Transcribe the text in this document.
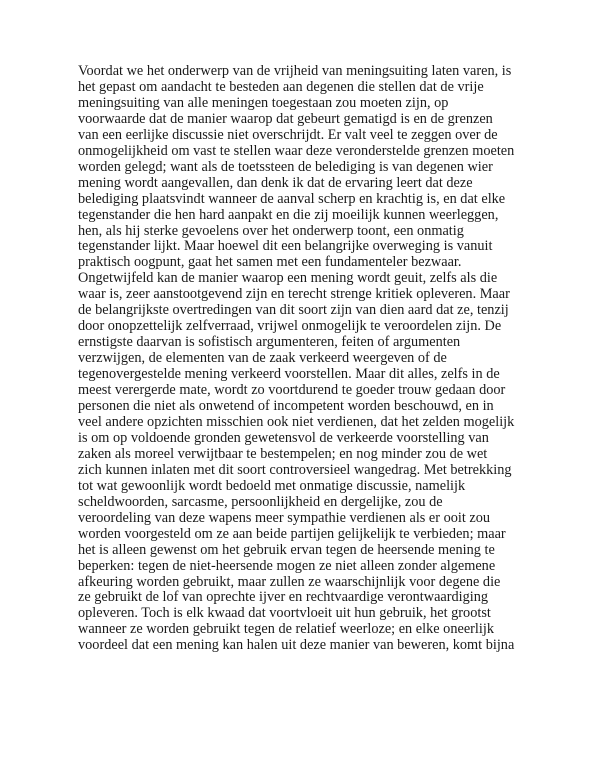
Voordat we het onderwerp van de vrijheid van meningsuiting laten varen, is
het gepast om aandacht te besteden aan degenen die stellen dat de vrije
meningsuiting van alle meningen toegestaan zou moeten zijn, op
voorwaarde dat de manier waarop dat gebeurt gematigd is en de grenzen
van een eerlijke discussie niet overschrijdt. Er valt veel te zeggen over de
onmogelijkheid om vast te stellen waar deze veronderstelde grenzen moeten
worden gelegd; want als de toetssteen de belediging is van degenen wier
mening wordt aangevallen, dan denk ik dat de ervaring leert dat deze
belediging plaatsvindt wanneer de aanval scherp en krachtig is, en dat elke
tegenstander die hen hard aanpakt en die zij moeilijk kunnen weerleggen,
hen, als hij sterke gevoelens over het onderwerp toont, een onmatig
tegenstander lijkt. Maar hoewel dit een belangrijke overweging is vanuit
praktisch oogpunt, gaat het samen met een fundamenteler bezwaar.
Ongetwijfeld kan de manier waarop een mening wordt geuit, zelfs als die
waar is, zeer aanstootgevend zijn en terecht strenge kritiek opleveren. Maar
de belangrijkste overtredingen van dit soort zijn van dien aard dat ze, tenzij
door onopzettelijk zelfverraad, vrijwel onmogelijk te veroordelen zijn. De
ernstigste daarvan is sofistisch argumenteren, feiten of argumenten
verzwijgen, de elementen van de zaak verkeerd weergeven of de
tegenovergestelde mening verkeerd voorstellen. Maar dit alles, zelfs in de
meest verergerde mate, wordt zo voortdurend te goeder trouw gedaan door
personen die niet als onwetend of incompetent worden beschouwd, en in
veel andere opzichten misschien ook niet verdienen, dat het zelden mogelijk
is om op voldoende gronden gewetensvol de verkeerde voorstelling van
zaken als moreel verwijtbaar te bestempelen; en nog minder zou de wet
zich kunnen inlaten met dit soort controversieel wangedrag. Met betrekking
tot wat gewoonlijk wordt bedoeld met onmatige discussie, namelijk
scheldwoorden, sarcasme, persoonlijkheid en dergelijke, zou de
veroordeling van deze wapens meer sympathie verdienen als er ooit zou
worden voorgesteld om ze aan beide partijen gelijkelijk te verbieden; maar
het is alleen gewenst om het gebruik ervan tegen de heersende mening te
beperken: tegen de niet-heersende mogen ze niet alleen zonder algemene
afkeuring worden gebruikt, maar zullen ze waarschijnlijk voor degene die
ze gebruikt de lof van oprechte ijver en rechtvaardige verontwaardiging
opleveren. Toch is elk kwaad dat voortvloeit uit hun gebruik, het grootst
wanneer ze worden gebruikt tegen de relatief weerloze; en elke oneerlijk
voordeel dat een mening kan halen uit deze manier van beweren, komt bijna
